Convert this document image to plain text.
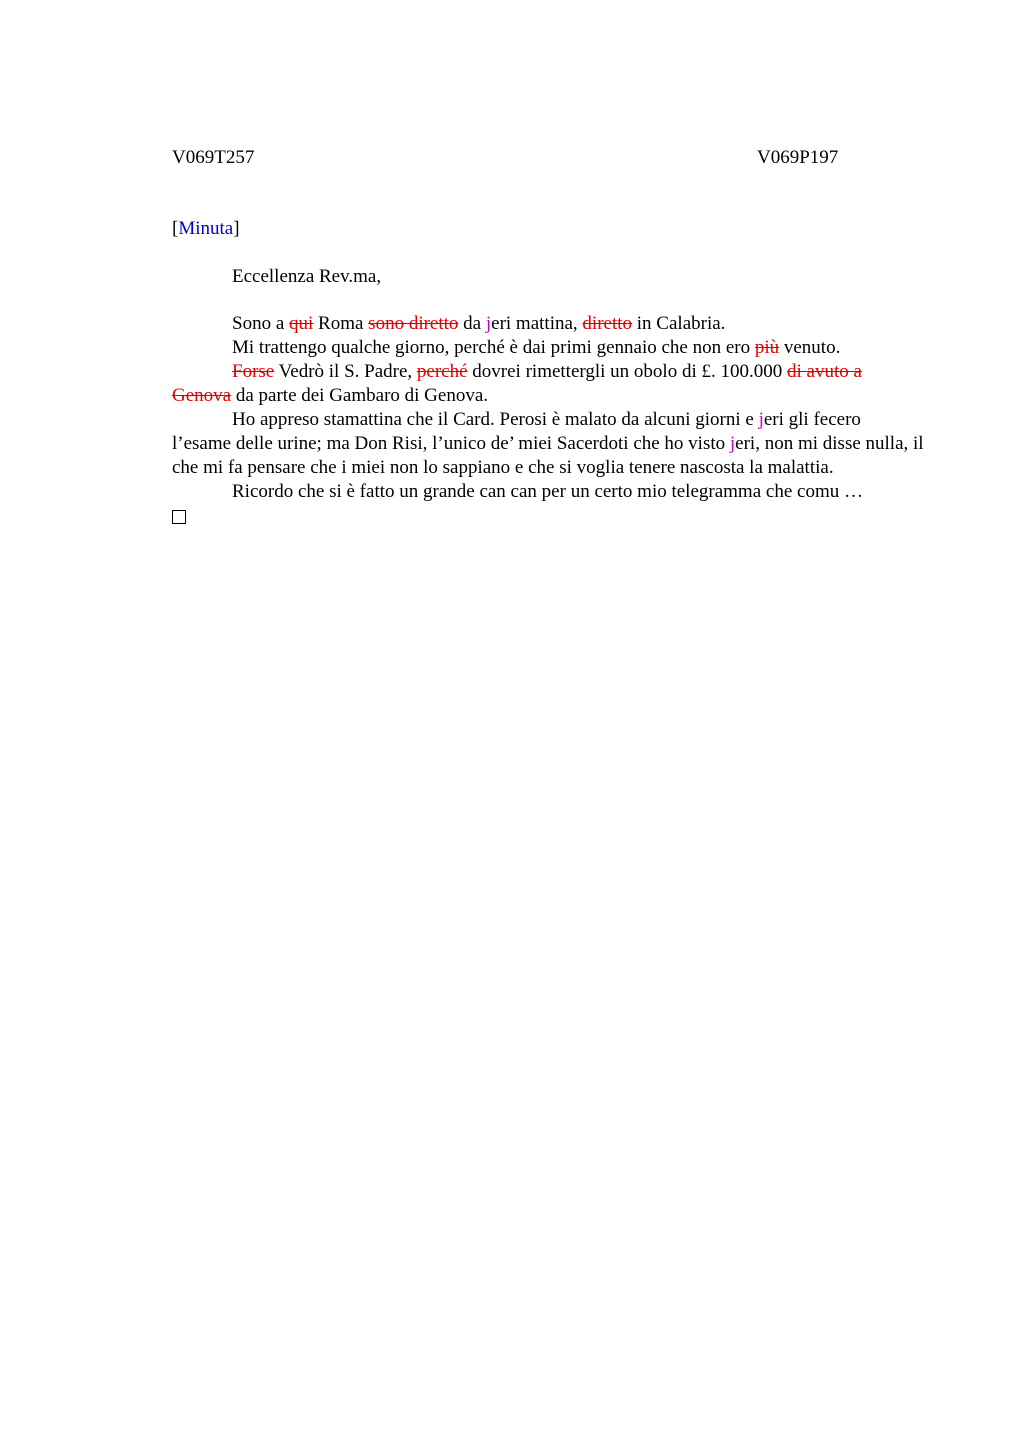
V069T257	V069P197
[Minuta]
Eccellenza Rev.ma,

Sono a qui Roma sono diretto da jeri mattina, diretto in Calabria.

Mi trattengo qualche giorno, perché è dai primi gennaio che non ero più venuto.

Forse Vedrò il S. Padre, perché dovrei rimettergli un obolo di £. 100.000 di avuto a Genova da parte dei Gambaro di Genova.

Ho appreso stamattina che il Card. Perosi è malato da alcuni giorni e jeri gli fecero l’esame delle urine; ma Don Risi, l’unico de’ miei Sacerdoti che ho visto jeri, non mi disse nulla, il che mi fa pensare che i miei non lo sappiano e che si voglia tenere nascosta la malattia.

Ricordo che si è fatto un grande can can per un certo mio telegramma che comu …
